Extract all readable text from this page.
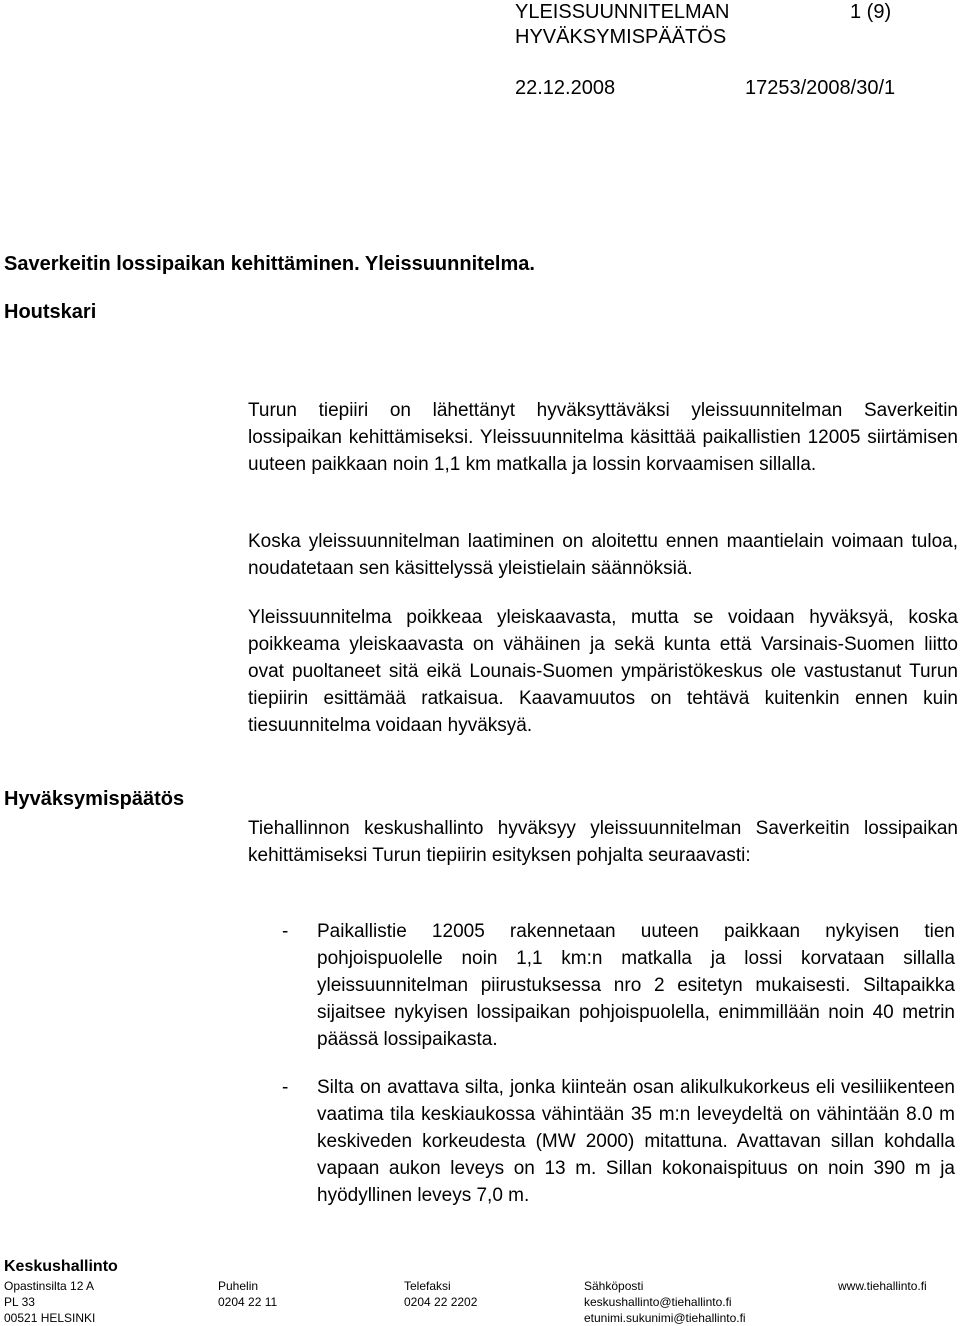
YLEISSUUNNITELMAN	1 (9)
HYVÄKSYMISPÄÄTÖS
22.12.2008	17253/2008/30/1
Saverkeitin lossipaikan kehittäminen. Yleissuunnitelma.
Houtskari
Turun tiepiiri on lähettänyt hyväksyttäväksi yleissuunnitelman Saverkeitin lossipaikan kehittämiseksi. Yleissuunnitelma käsittää paikallistien 12005 siirtämisen uuteen paikkaan noin 1,1 km matkalla ja lossin korvaamisen sillalla.
Koska yleissuunnitelman laatiminen on aloitettu ennen maantielain voimaan tuloa, noudatetaan sen käsittelyssä yleistielain säännöksiä.
Yleissuunnitelma poikkeaa yleiskaavasta, mutta se voidaan hyväksyä, koska poikkeama yleiskaavasta on vähäinen ja sekä kunta että Varsinais-Suomen liitto ovat puoltaneet sitä eikä Lounais-Suomen ympäristökeskus ole vastustanut Turun tiepiirin esittämää ratkaisua. Kaavamuutos on tehtävä kuitenkin ennen kuin tiesuunnitelma voidaan hyväksyä.
Hyväksymispäätös
Tiehallinnon keskushallinto hyväksyy yleissuunnitelman Saverkeitin lossipaikan kehittämiseksi Turun tiepiirin esityksen pohjalta seuraavasti:
- Paikallistie 12005 rakennetaan uuteen paikkaan nykyisen tien pohjoispuolelle noin 1,1 km:n matkalla ja lossi korvataan sillalla yleissuunnitelman piirustuksessa nro 2 esitetyn mukaisesti. Siltapaikka sijaitsee nykyisen lossipaikan pohjoispuolella, enimmillään noin 40 metrin päässä lossipaikasta.
- Silta on avattava silta, jonka kiinteän osan alikulkukorkeus eli vesiliikenteen vaatima tila keskiaukossa vähintään 35 m:n leveydeltä on vähintään 8.0 m keskiveden korkeudesta (MW 2000) mitattuna. Avattavan sillan kohdalla vapaan aukon leveys on 13 m. Sillan kokonaispituus on noin 390 m ja hyödyllinen leveys 7,0 m.
Keskushallinto
Opastinsilta 12 A
PL 33
00521 HELSINKI
Puhelin
0204 22 11
Telefaksi
0204 22 2202
Sähköposti
keskushallinto@tiehallinto.fi
etunimi.sukunimi@tiehallinto.fi
www.tiehallinto.fi
